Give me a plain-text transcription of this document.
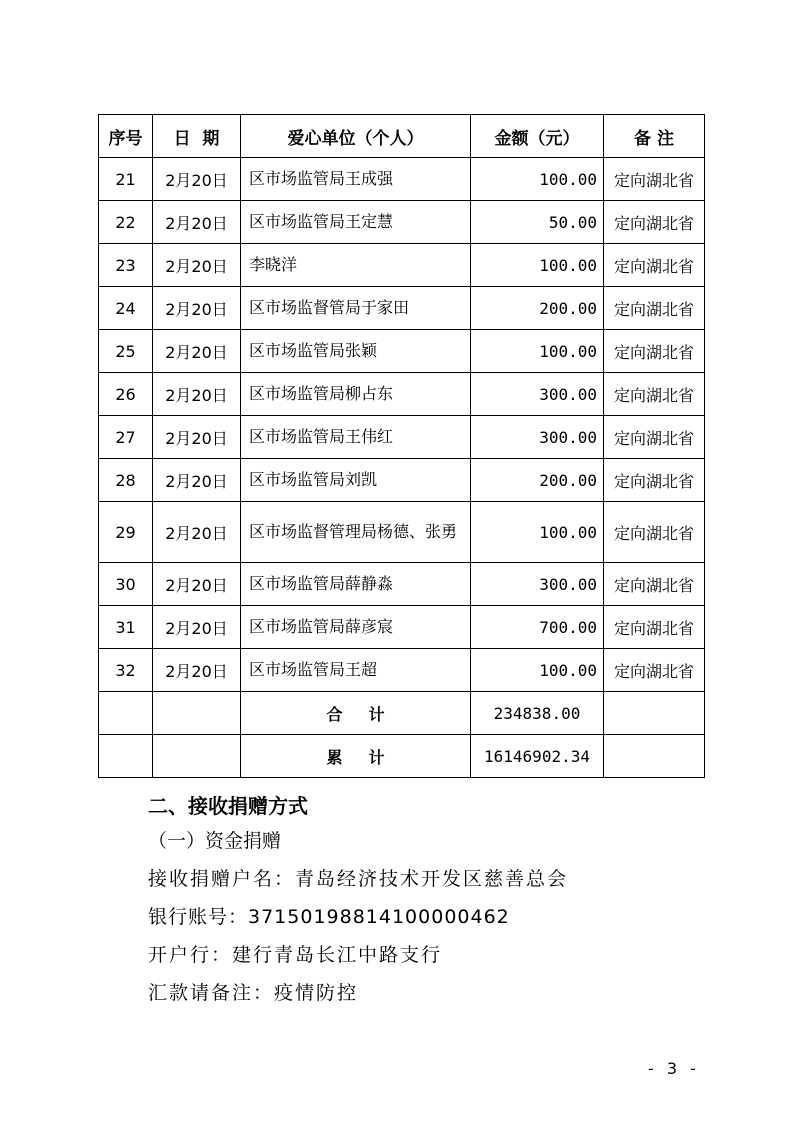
序号	日  期	爱心单位（个人）	金额（元）	备 注
21	2月20日	区市场监管局王成强	100.00	定向湖北省
22	2月20日	区市场监管局王定慧	50.00	定向湖北省
23	2月20日	李晓洋	100.00	定向湖北省
24	2月20日	区市场监督管局于家田	200.00	定向湖北省
25	2月20日	区市场监管局张颖	100.00	定向湖北省
26	2月20日	区市场监管局柳占东	300.00	定向湖北省
27	2月20日	区市场监管局王伟红	300.00	定向湖北省
28	2月20日	区市场监管局刘凯	200.00	定向湖北省
29	2月20日	区市场监督管理局杨德、张勇	100.00	定向湖北省
30	2月20日	区市场监管局薛静淼	300.00	定向湖北省
31	2月20日	区市场监管局薛彦宸	700.00	定向湖北省
32	2月20日	区市场监管局王超	100.00	定向湖北省
		合计	234838.00	
		累计	16146902.34	
二、接收捐赠方式
（一）资金捐赠
接收捐赠户名：青岛经济技术开发区慈善总会
银行账号：37150198814100000462
开户行：建行青岛长江中路支行
汇款请备注：疫情防控
- 3 -
